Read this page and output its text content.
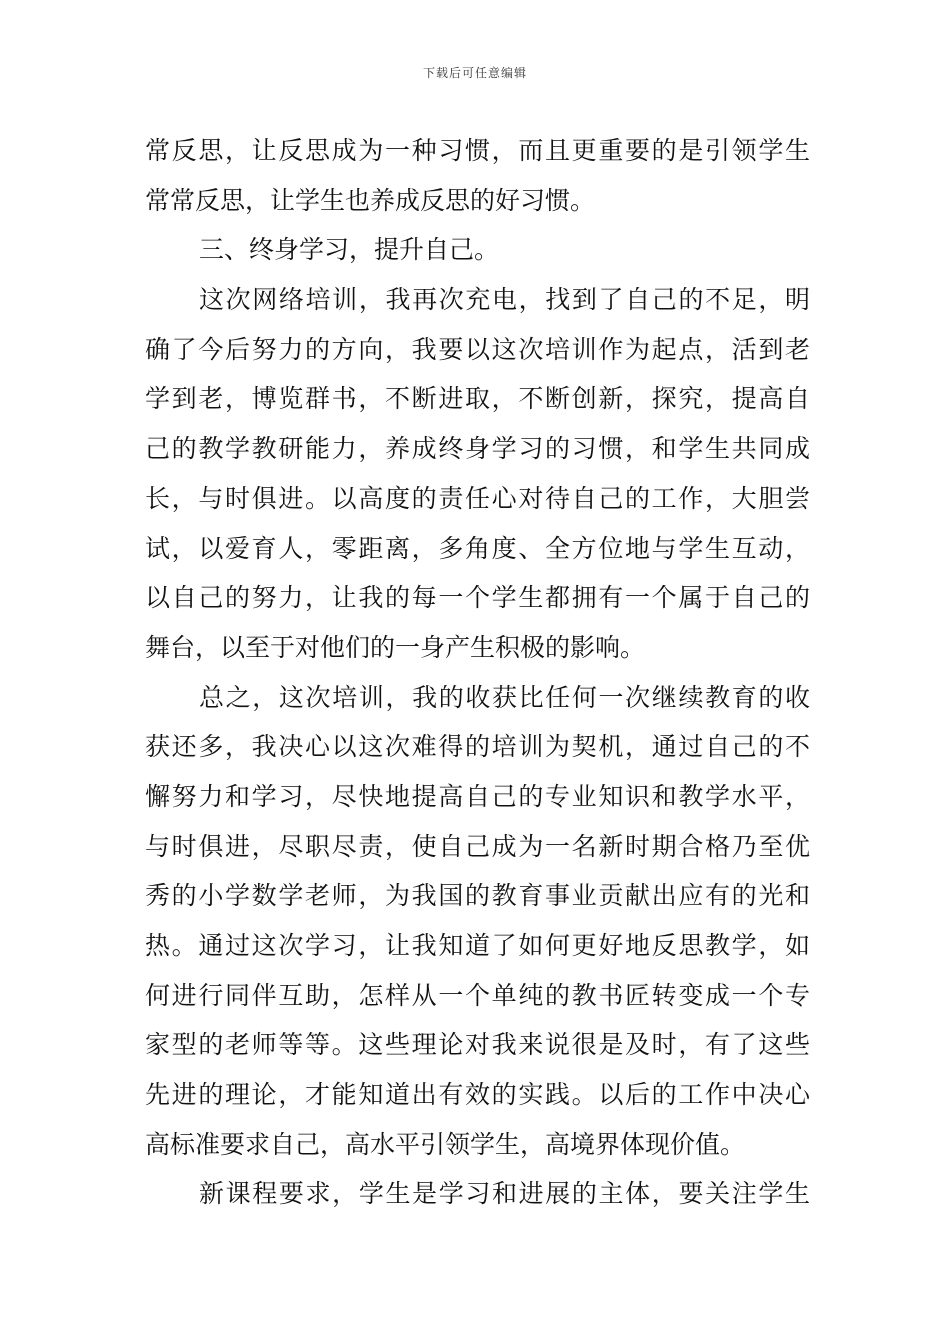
下载后可任意编辑
常反思，让反思成为一种习惯，而且更重要的是引领学生
常常反思，让学生也养成反思的好习惯。
三、终身学习，提升自己。
这次网络培训，我再次充电，找到了自己的不足，明
确了今后努力的方向，我要以这次培训作为起点，活到老
学到老，博览群书，不断进取，不断创新，探究，提高自
己的教学教研能力，养成终身学习的习惯，和学生共同成
长，与时俱进。以高度的责任心对待自己的工作，大胆尝
试，以爱育人，零距离，多角度、全方位地与学生互动，
以自己的努力，让我的每一个学生都拥有一个属于自己的
舞台，以至于对他们的一身产生积极的影响。
总之，这次培训，我的收获比任何一次继续教育的收
获还多，我决心以这次难得的培训为契机，通过自己的不
懈努力和学习，尽快地提高自己的专业知识和教学水平，
与时俱进，尽职尽责，使自己成为一名新时期合格乃至优
秀的小学数学老师，为我国的教育事业贡献出应有的光和
热。通过这次学习，让我知道了如何更好地反思教学，如
何进行同伴互助，怎样从一个单纯的教书匠转变成一个专
家型的老师等等。这些理论对我来说很是及时，有了这些
先进的理论，才能知道出有效的实践。以后的工作中决心
高标准要求自己，高水平引领学生，高境界体现价值。
新课程要求，学生是学习和进展的主体，要关注学生
